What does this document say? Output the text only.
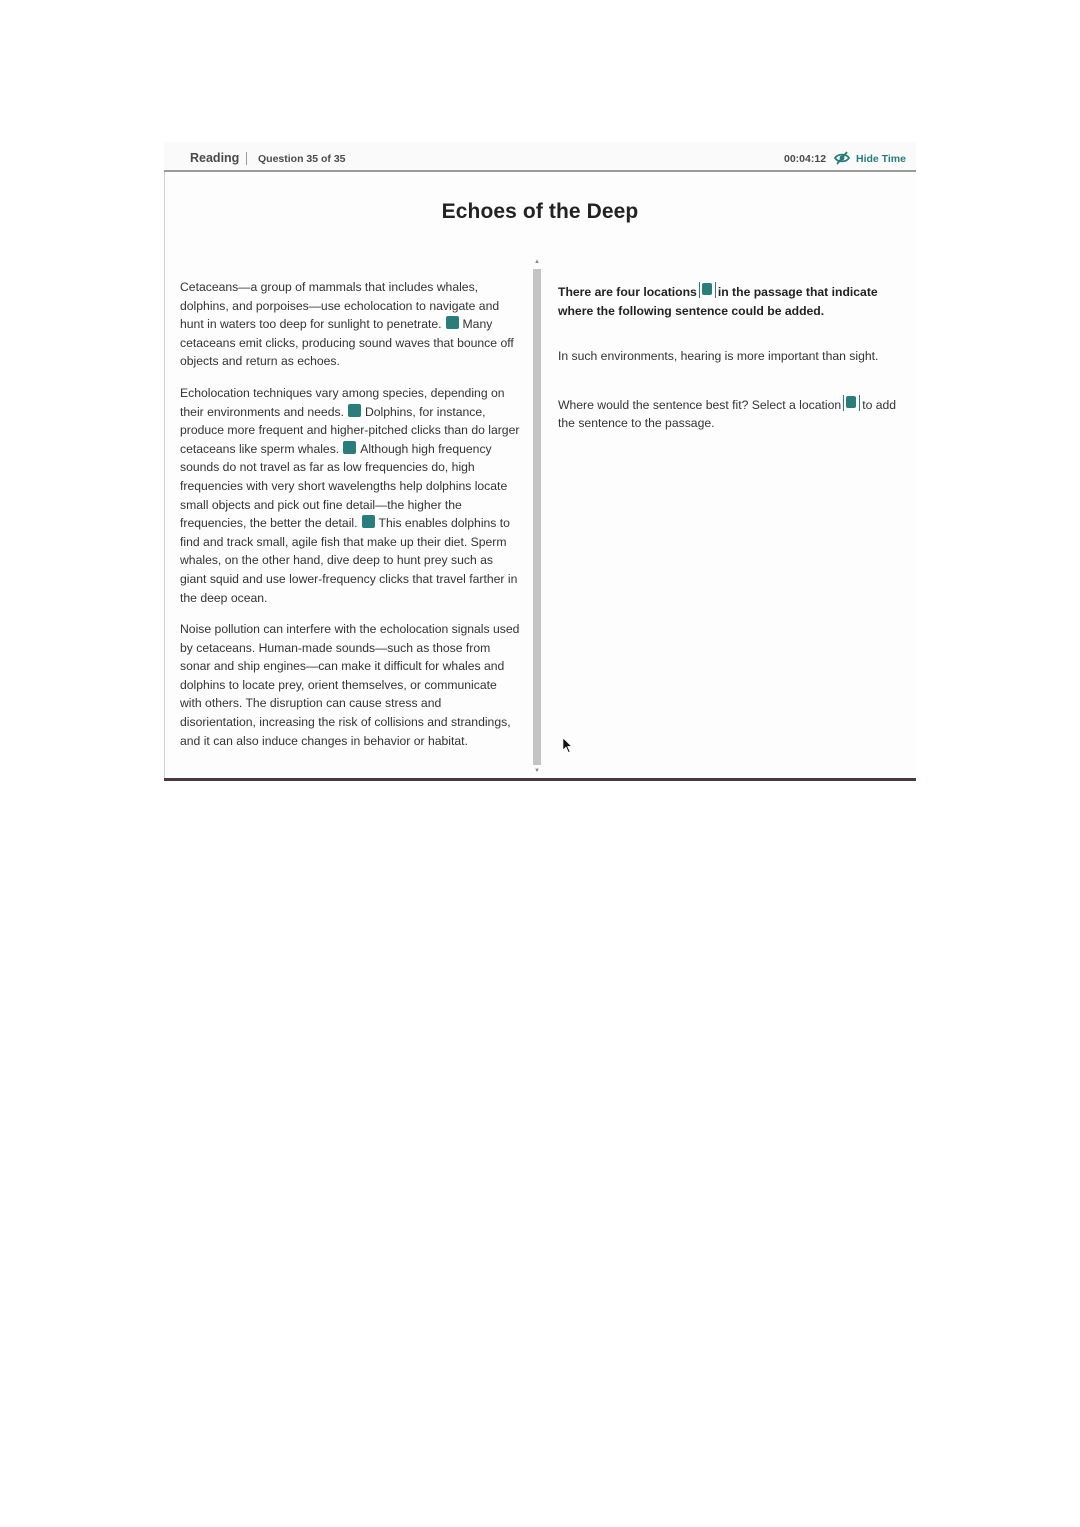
Reading Question 35 of 35	00:04:12	Hide Time
Echoes of the Deep

Cetaceans—a group of mammals that includes whales, dolphins, and porpoises—use echolocation to navigate and hunt in waters too deep for sunlight to penetrate. Many cetaceans emit clicks, producing sound waves that bounce off objects and return as echoes.

Echolocation techniques vary among species, depending on their environments and needs. Dolphins, for instance, produce more frequent and higher-pitched clicks than do larger cetaceans like sperm whales. Although high frequency sounds do not travel as far as low frequencies do, high frequencies with very short wavelengths help dolphins locate small objects and pick out fine detail—the higher the frequencies, the better the detail. This enables dolphins to find and track small, agile fish that make up their diet. Sperm whales, on the other hand, dive deep to hunt prey such as giant squid and use lower-frequency clicks that travel farther in the deep ocean.

Noise pollution can interfere with the echolocation signals used by cetaceans. Human-made sounds—such as those from sonar and ship engines—can make it difficult for whales and dolphins to locate prey, orient themselves, or communicate with others. The disruption can cause stress and disorientation, increasing the risk of collisions and strandings, and it can also induce changes in behavior or habitat.

▲
▼

There are four locations in the passage that indicate where the following sentence could be added.

In such environments, hearing is more important than sight.

Where would the sentence best fit? Select a location to add the sentence to the passage.
